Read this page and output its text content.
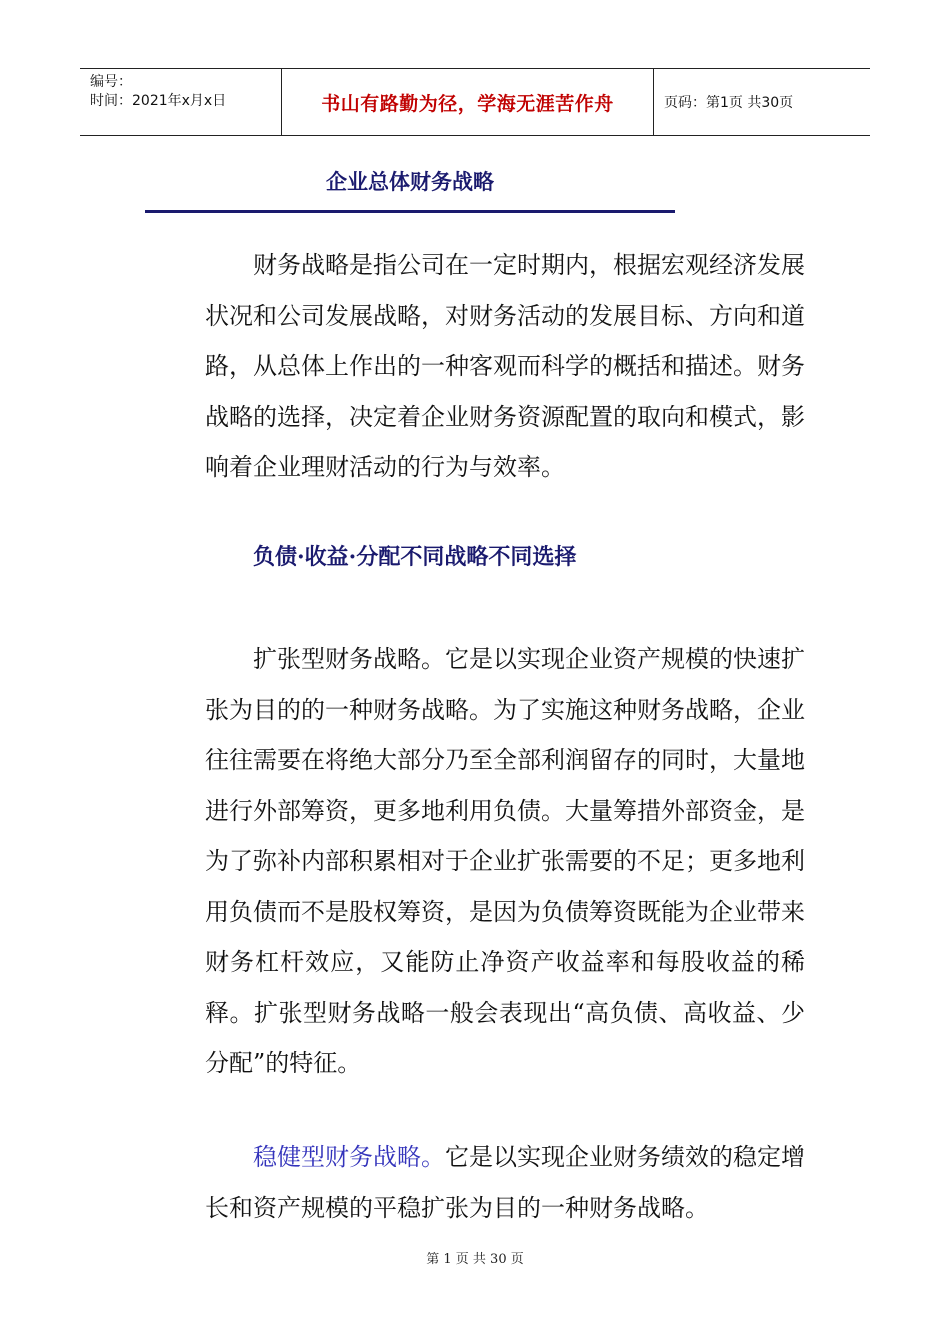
编号：
时间：2021年x月x日	书山有路勤为径，学海无涯苦作舟	页码：第1页 共30页
企业总体财务战略
财务战略是指公司在一定时期内，根据宏观经济发展状况和公司发展战略，对财务活动的发展目标、方向和道路，从总体上作出的一种客观而科学的概括和描述。财务战略的选择，决定着企业财务资源配置的取向和模式，影响着企业理财活动的行为与效率。
负债·收益·分配不同战略不同选择
扩张型财务战略。它是以实现企业资产规模的快速扩张为目的的一种财务战略。为了实施这种财务战略，企业往往需要在将绝大部分乃至全部利润留存的同时，大量地进行外部筹资，更多地利用负债。大量筹措外部资金，是为了弥补内部积累相对于企业扩张需要的不足；更多地利用负债而不是股权筹资，是因为负债筹资既能为企业带来财务杠杆效应，又能防止净资产收益率和每股收益的稀释。扩张型财务战略一般会表现出“高负债、高收益、少分配”的特征。
稳健型财务战略。它是以实现企业财务绩效的稳定增长和资产规模的平稳扩张为目的一种财务战略。
第 1 页 共 30 页
